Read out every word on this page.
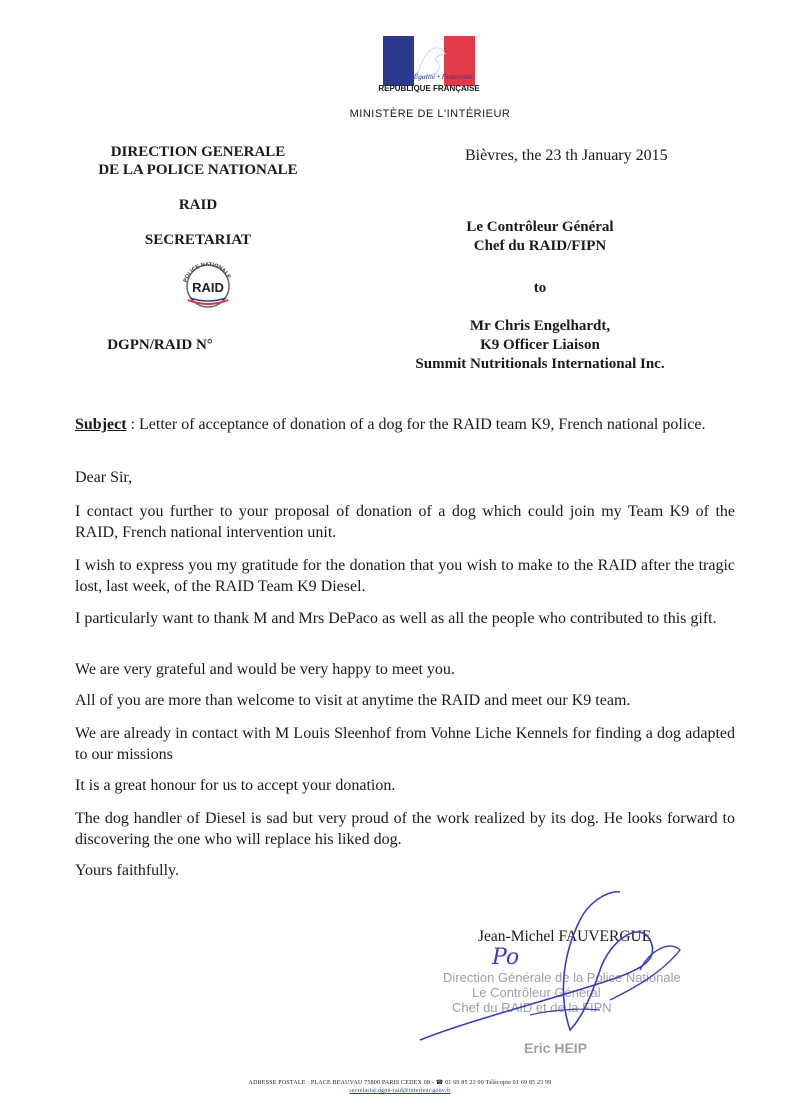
Liberté • Égalité • Fraternité
RÉPUBLIQUE FRANÇAISE
MINISTÈRE DE L'INTÉRIEUR
DIRECTION GENERALE
DE LA POLICE NATIONALE
RAID
SECRETARIAT
POLICE NATIONALE
RAID
DGPN/RAID N°
Bièvres, the 23 th January 2015
Le Contrôleur Général
Chef du RAID/FIPN
to
Mr Chris Engelhardt,
K9 Officer Liaison
Summit Nutritionals International Inc.
Subject : Letter of acceptance of donation of a dog for the RAID team K9, French national police.
Dear Sir,
I contact you further to your proposal of donation of a dog which could join my Team K9 of the RAID, French national intervention unit.
I wish to express you my gratitude for the donation that you wish to make to the RAID after the tragic lost, last week, of the RAID Team K9 Diesel.
I particularly want to thank M and Mrs DePaco as well as all the people who contributed to this gift.
We are very grateful and would be very happy to meet you.
All of you are more than welcome to visit at anytime the RAID and meet our K9 team.
We are already in contact with M Louis Sleenhof from Vohne Liche Kennels for finding a dog adapted to our missions
It is a great honour for us to accept your donation.
The dog handler of Diesel is sad but very proud of the work realized by its dog. He looks forward to discovering the one who will replace his liked dog.
Yours faithfully.
Jean-Michel FAUVERGUE
Po
Direction Générale de la Police Nationale
Le Contrôleur Général
Chef du RAID et de la FIPN
Eric HEIP
ADRESSE POSTALE : PLACE BEAUVAU 75800 PARIS CEDEX 08 - ☎ 01 69 85 23 00 Télécopie 01 69 85 23 99
secretariat.dgpn-raid@interieur.gouv.fr
